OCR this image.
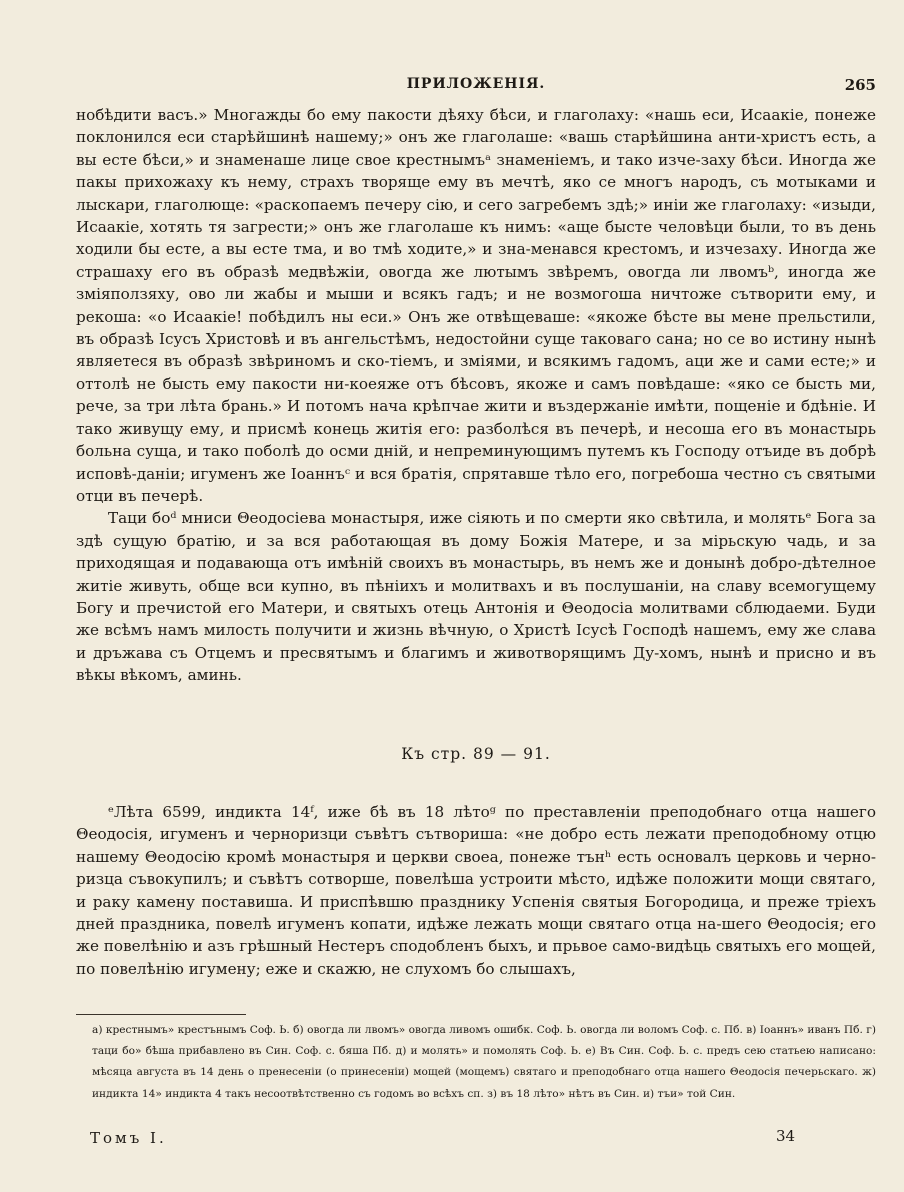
ПРИЛОЖЕНІЯ.	265

нобѣдити васъ.» Многажды бо ему пакости дѣяху бѣси, и глаголаху: «нашь еси, Исаакіе, понеже поклонился еси старѣйшинѣ нашему;» онъ же глаголаше: «вашь старѣйшина анти-христъ есть, а вы есте бѣси,» и знаменаше лице свое крестнымъᵃ знаменіемъ, и тако изче-заху бѣси. Иногда же пакы прихожаху къ нему, страхъ творяще ему въ мечтѣ, яко се многъ народъ, съ мотыками и лыскари, глаголюще: «раскопаемъ печеру сію, и сего загребемъ здѣ;» иніи же глаголаху: «изыди, Исаакіе, хотять тя загрести;» онъ же глаголаше къ нимъ: «аще бысте человѣци были, то въ день ходили бы есте, а вы есте тма, и во тмѣ ходите,» и зна-менався крестомъ, и изчезаху. Иногда же страшаху его въ образѣ медвѣжіи, овогда же лютымъ звѣремъ, овогда ли лвомъᵇ, иногда же зміяползяху, ово ли жабы и мыши и всякъ гадъ; и не возмогоша ничтоже сътворити ему, и рекоша: «о Исаакіе! побѣдилъ ны еси.» Онъ же отвѣщеваше: «якоже бѣсте вы мене прельстили, въ образѣ Ісусъ Христовѣ и въ ангельстѣмъ, недостойни суще таковаго сана; но се во истину нынѣ являетеся въ образѣ звѣриномъ и ско-тіемъ, и зміями, и всякимъ гадомъ, аци же и сами есте;» и оттолѣ не бысть ему пакости ни-коеяже отъ бѣсовъ, якоже и самъ повѣдаше: «яко се бысть ми, рече, за три лѣта брань.» И потомъ нача крѣпчае жити и въздержаніе имѣти, пощеніе и бдѣніе. И тако живущу ему, и присмѣ конець житія его: разболѣся въ печерѣ, и несоша его въ монастырь больна суща, и тако поболѣ до осми дній, и непреминующимъ путемъ къ Господу отъиде въ добрѣ исповѣ-даніи; игуменъ же Іоаннъᶜ и вся братія, спрятавше тѣло его, погребоша честно съ святыми отци въ печерѣ.

Таци боᵈ мниси Θеодосіева монастыря, иже сіяють и по смерти яко свѣтила, и молятьᵉ Бога за здѣ сущую братію, и за вся работающая въ дому Божія Матере, и за мірьскую чадь, и за приходящая и подавающа отъ имѣній своихъ въ монастырь, въ немъ же и донынѣ добро-дѣтелное житіе живуть, обще вси купно, въ пѣніихъ и молитвахъ и въ послушаніи, на славу всемогущему Богу и пречистой его Матери, и святыхъ отець Антонія и Θеодосіа молитвами сблюдаеми. Буди же всѣмъ намъ милость получити и жизнь вѣчную, о Христѣ Ісусѣ Господѣ нашемъ, ему же слава и дръжава съ Отцемъ и пресвятымъ и благимъ и животворящимъ Ду-хомъ, нынѣ и присно и въ вѣкы вѣкомъ, аминь.

Къ стр. 89 — 91.

ᵉЛѣта 6599, индикта 14ᶠ, иже бѣ въ 18 лѣтоᵍ по преставленіи преподобнаго отца нашего Θеодосія, игуменъ и черноризци съвѣтъ сътвориша: «не добро есть лежати преподобному отцю нашему Θеодосію кромѣ монастыря и церкви своеа, понеже тънʰ есть основалъ церковь и черно-ризца съвокупилъ; и съвѣтъ сотворше, повелѣша устроити мѣсто, идѣже положити мощи святаго, и раку камену поставиша. И приспѣвшю празднику Успенія святыя Богородица, и преже тріехъ дней праздника, повелѣ игуменъ копати, идѣже лежать мощи святаго отца на-шего Θеодосія; его же повелѣнію и азъ грѣшный Нестеръ сподобленъ быхъ, и прьвое само-видѣць святыхъ его мощей, по повелѣнію игумену; еже и скажю, не слухомъ бо слышахъ,

а) крестнымъ» крестънымъ Соф. Ь. б) овогда ли лвомъ» овогда ливомъ ошибк. Соф. Ь. овогда ли воломъ Соф. с. Пб. в) Іоаннъ» иванъ Пб. г) таци бо» бѣша прибавлено въ Син. Соф. с. бяша Пб. д) и молять» и помолять Соф. Ь. е) Въ Син. Соф. Ь. с. предъ сею статьею написано: мѣсяца августа въ 14 день о пренесеніи (о принесеніи) мощей (мощемъ) святаго и преподобнаго отца нашего Θеодосія печерьскаго. ж) индикта 14» индикта 4 такъ несоотвѣтственно съ годомъ во всѣхъ сп. з) въ 18 лѣто» нѣтъ въ Син. и) тъи» той Син.

Томъ I.	34
